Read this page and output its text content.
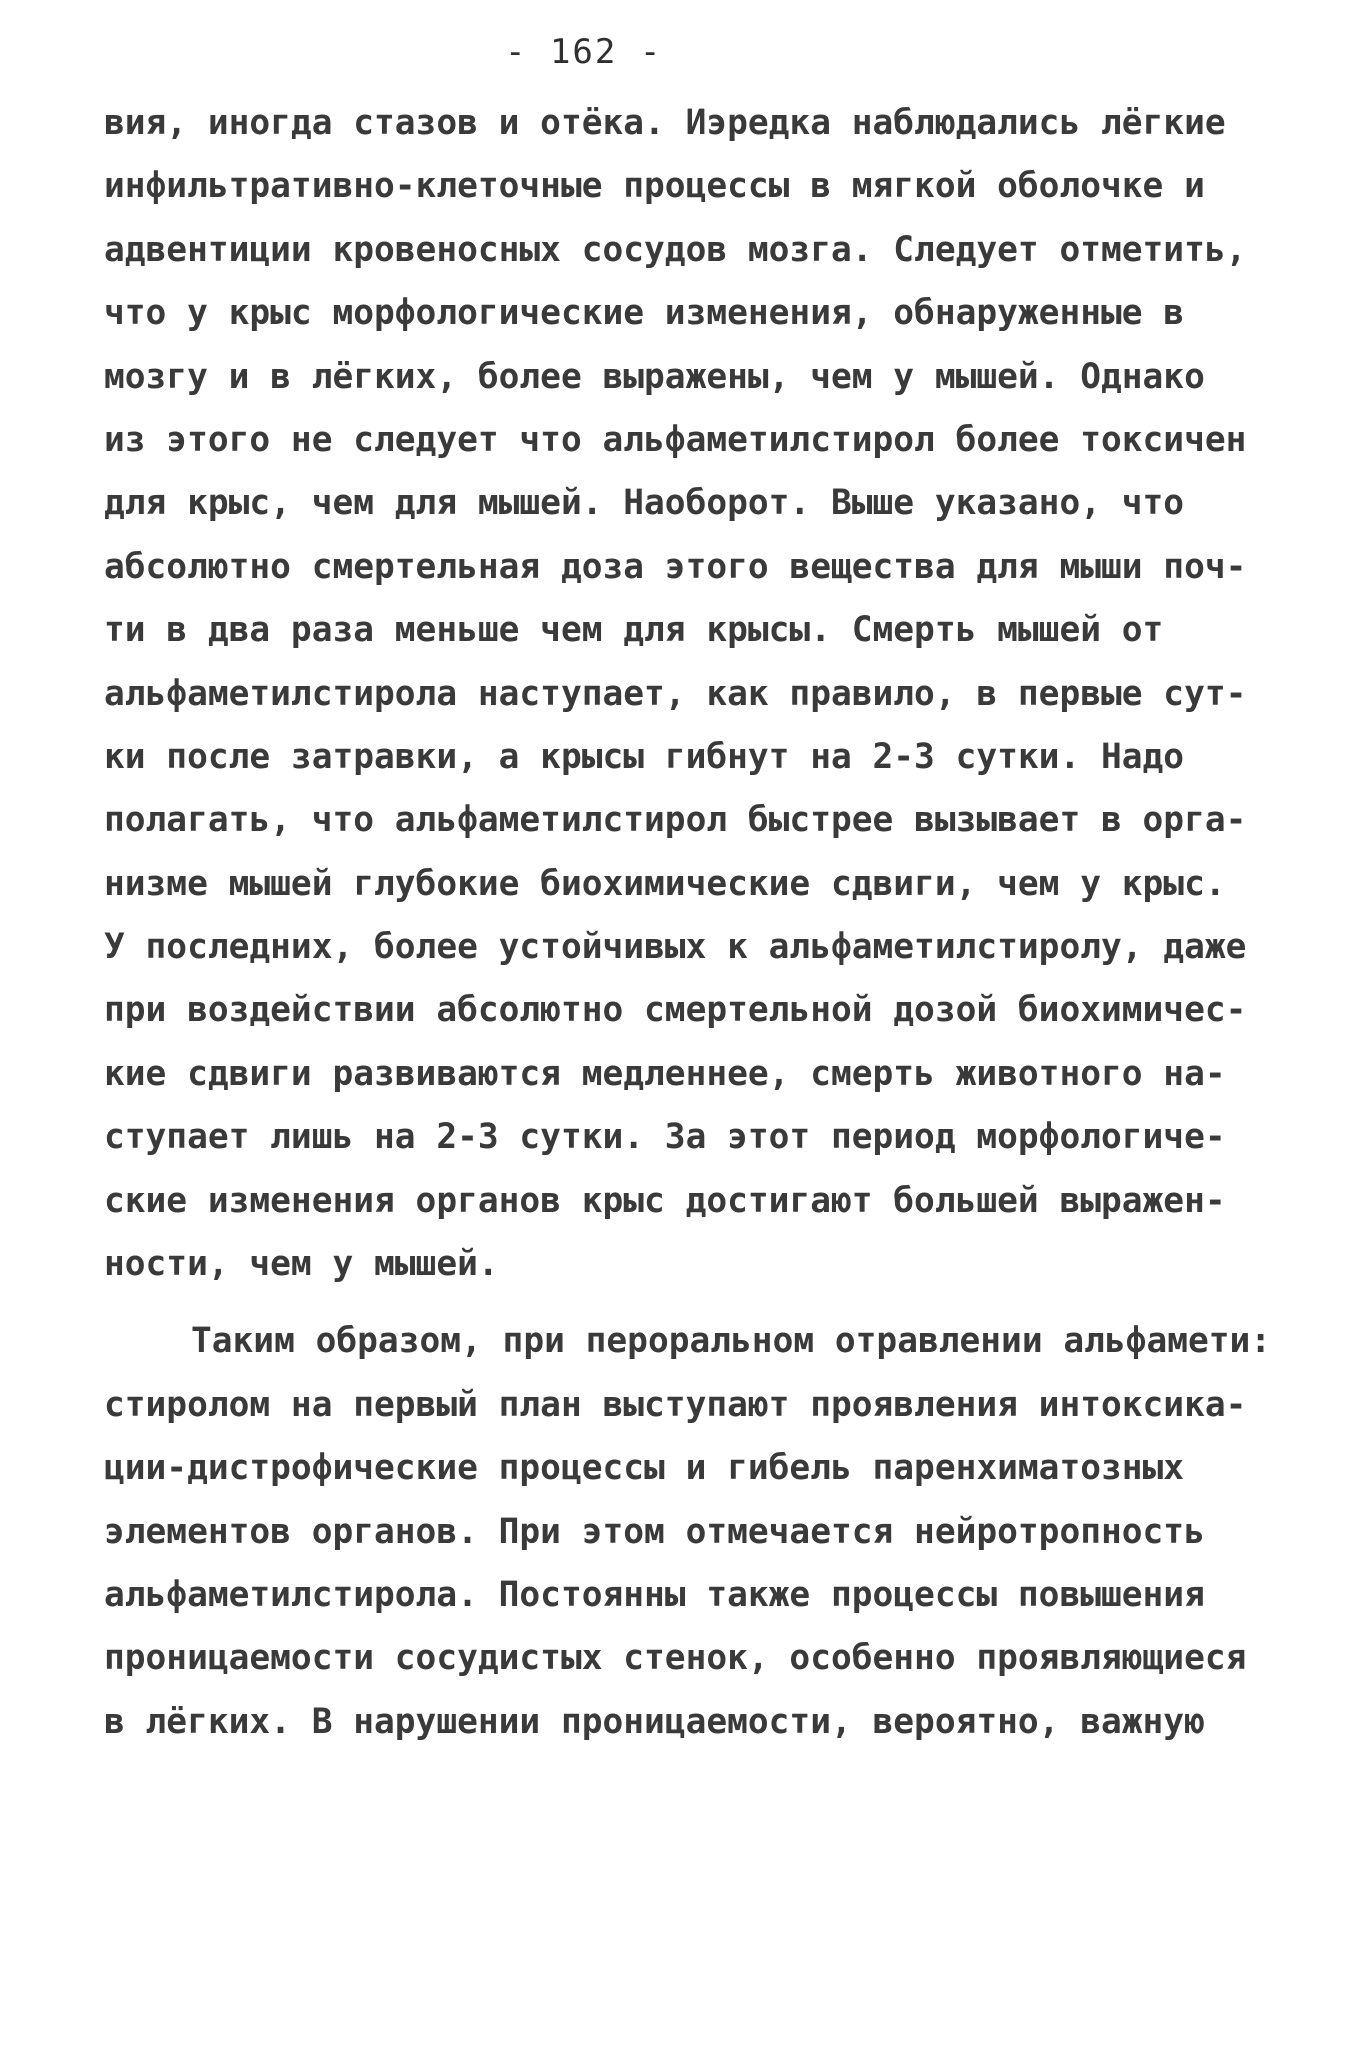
- 162 -
вия, иногда стазов и отёка. Иэредка наблюдались лёгкие
инфильтративно-клеточные процессы в мягкой оболочке и
адвентиции кровеносных сосудов мозга. Следует отметить,
что у крыс морфологические изменения, обнаруженные в
мозгу и в лёгких, более выражены, чем у мышей. Однако
из этого не следует что альфаметилстирол более токсичен
для крыс, чем для мышей. Наоборот. Выше указано, что
абсолютно смертельная доза этого вещества для мыши поч-
ти в два раза меньше чем для крысы. Смерть мышей от
альфаметилстирола наступает, как правило, в первые сут-
ки после затравки, а крысы гибнут на 2-3 сутки. Надо
полагать, что альфаметилстирол быстрее вызывает в орга-
низме мышей глубокие биохимические сдвиги, чем у крыс.
У последних, более устойчивых к альфаметилстиролу, даже
при воздействии абсолютно смертельной дозой биохимичес-
кие сдвиги развиваются медленнее, смерть животного на-
ступает лишь на 2-3 сутки. За этот период морфологиче-
ские изменения органов крыс достигают большей выражен-
ности, чем у мышей.
Таким образом, при пероральном отравлении альфамети:
стиролом на первый план выступают проявления интоксика-
ции-дистрофические процессы и гибель паренхиматозных
элементов органов. При этом отмечается нейротропность
альфаметилстирола. Постоянны также процессы повышения
проницаемости сосудистых стенок, особенно проявляющиеся
в лёгких. В нарушении проницаемости, вероятно, важную
